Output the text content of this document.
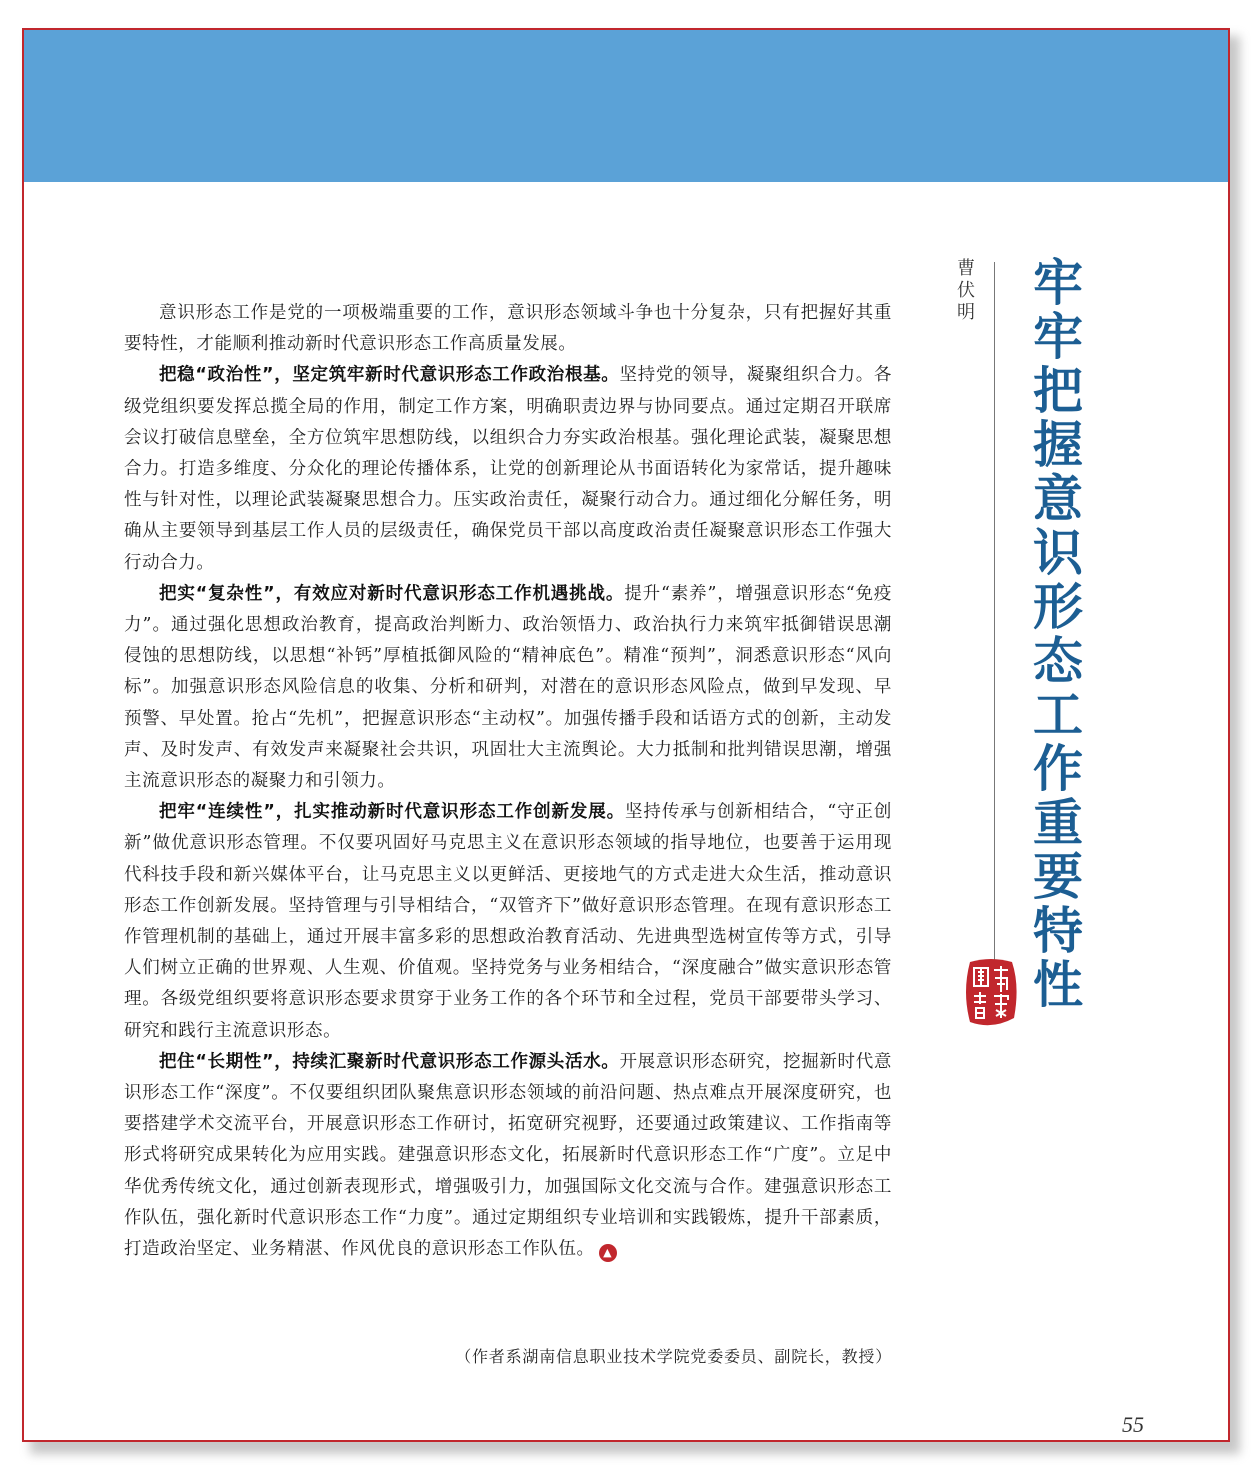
意识形态工作是党的一项极端重要的工作，意识形态领域斗争也十分复杂，只有把握好其重要特性，才能顺利推动新时代意识形态工作高质量发展。

把稳“政治性”，坚定筑牢新时代意识形态工作政治根基。坚持党的领导，凝聚组织合力。各级党组织要发挥总揽全局的作用，制定工作方案，明确职责边界与协同要点。通过定期召开联席会议打破信息壁垒，全方位筑牢思想防线，以组织合力夯实政治根基。强化理论武装，凝聚思想合力。打造多维度、分众化的理论传播体系，让党的创新理论从书面语转化为家常话，提升趣味性与针对性，以理论武装凝聚思想合力。压实政治责任，凝聚行动合力。通过细化分解任务，明确从主要领导到基层工作人员的层级责任，确保党员干部以高度政治责任凝聚意识形态工作强大行动合力。

把实“复杂性”，有效应对新时代意识形态工作机遇挑战。提升“素养”，增强意识形态“免疫力”。通过强化思想政治教育，提高政治判断力、政治领悟力、政治执行力来筑牢抵御错误思潮侵蚀的思想防线，以思想“补钙”厚植抵御风险的“精神底色”。精准“预判”，洞悉意识形态“风向标”。加强意识形态风险信息的收集、分析和研判，对潜在的意识形态风险点，做到早发现、早预警、早处置。抢占“先机”，把握意识形态“主动权”。加强传播手段和话语方式的创新，主动发声、及时发声、有效发声来凝聚社会共识，巩固壮大主流舆论。大力抵制和批判错误思潮，增强主流意识形态的凝聚力和引领力。

把牢“连续性”，扎实推动新时代意识形态工作创新发展。坚持传承与创新相结合，“守正创新”做优意识形态管理。不仅要巩固好马克思主义在意识形态领域的指导地位，也要善于运用现代科技手段和新兴媒体平台，让马克思主义以更鲜活、更接地气的方式走进大众生活，推动意识形态工作创新发展。坚持管理与引导相结合，“双管齐下”做好意识形态管理。在现有意识形态工作管理机制的基础上，通过开展丰富多彩的思想政治教育活动、先进典型选树宣传等方式，引导人们树立正确的世界观、人生观、价值观。坚持党务与业务相结合，“深度融合”做实意识形态管理。各级党组织要将意识形态要求贯穿于业务工作的各个环节和全过程，党员干部要带头学习、研究和践行主流意识形态。

把住“长期性”，持续汇聚新时代意识形态工作源头活水。开展意识形态研究，挖掘新时代意识形态工作“深度”。不仅要组织团队聚焦意识形态领域的前沿问题、热点难点开展深度研究，也要搭建学术交流平台，开展意识形态工作研讨，拓宽研究视野，还要通过政策建议、工作指南等形式将研究成果转化为应用实践。建强意识形态文化，拓展新时代意识形态工作“广度”。立足中华优秀传统文化，通过创新表现形式，增强吸引力，加强国际文化交流与合作。建强意识形态工作队伍，强化新时代意识形态工作“力度”。通过定期组织专业培训和实践锻炼，提升干部素质，打造政治坚定、业务精湛、作风优良的意识形态工作队伍。 ▲

（作者系湖南信息职业技术学院党委委员、副院长，教授）
曹伏明 牢牢把握意识形态工作重要特性
55
